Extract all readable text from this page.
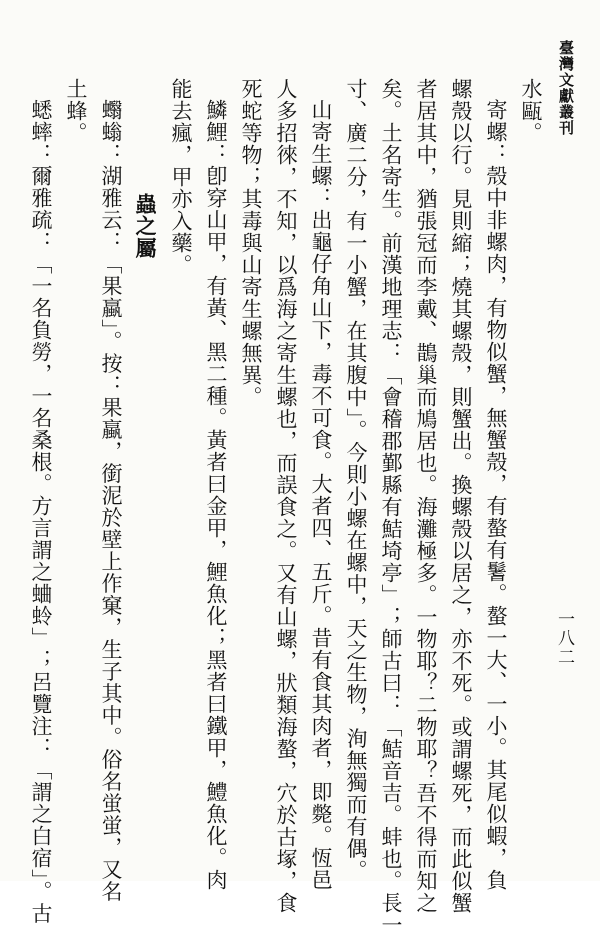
臺灣文獻叢刊
一八二

水甌。

寄螺：殼中非螺肉，有物似蟹，無蟹殼，有螯有鬐。螯一大、一小。其尾似蝦，負

螺殼以行。見則縮；燒其螺殼，則蟹出。換螺殼以居之，亦不死。或謂螺死，而此似蟹

者居其中，猶張冠而李戴、鵲巢而鳩居也。海灘極多。一物耶？二物耶？吾不得而知之

矣。土名寄生。前漢地理志：「會稽郡鄞縣有鮚埼亭」；師古曰：「鮚音吉。蚌也。長一

寸、廣二分，有一小蟹，在其腹中」。今則小螺在螺中，天之生物，洵無獨而有偶。

山寄生螺：出龜仔角山下，毒不可食。大者四、五斤。昔有食其肉者，即斃。恆邑

人多招徠，不知，以爲海之寄生螺也，而誤食之。又有山螺，狀類海螯，穴於古塚，食

死蛇等物；其毒與山寄生螺無異。

鱗鯉：卽穿山甲，有黃、黑二種。黃者曰金甲，鯉魚化；黑者曰鐵甲，鱧魚化。肉

能去瘋，甲亦入藥。

蟲之屬

蠮螉：湖雅云：「果蠃」。按：果蠃，銜泥於壁上作窠，生子其中。俗名蛍蛍，又名

土蜂。

蟋蟀：爾雅疏：「一名負勞，一名桑根。方言謂之蛐蛉」；呂覽注：「謂之白宿」。古
